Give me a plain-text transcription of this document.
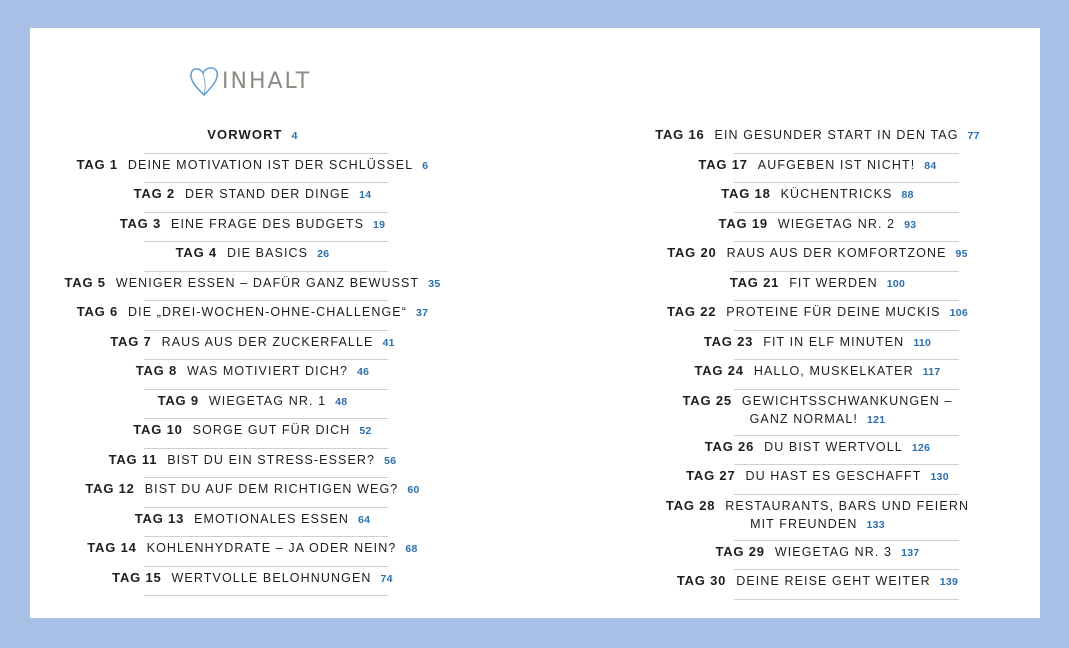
INHALT
VORWORT 4
TAG 1 DEINE MOTIVATION IST DER SCHLÜSSEL 6
TAG 2 DER STAND DER DINGE 14
TAG 3 EINE FRAGE DES BUDGETS 19
TAG 4 DIE BASICS 26
TAG 5 WENIGER ESSEN – DAFÜR GANZ BEWUSST 35
TAG 6 DIE „DREI-WOCHEN-OHNE-CHALLENGE“ 37
TAG 7 RAUS AUS DER ZUCKERFALLE 41
TAG 8 WAS MOTIVIERT DICH? 46
TAG 9 WIEGETAG NR. 1 48
TAG 10 SORGE GUT FÜR DICH 52
TAG 11 BIST DU EIN STRESS-ESSER? 56
TAG 12 BIST DU AUF DEM RICHTIGEN WEG? 60
TAG 13 EMOTIONALES ESSEN 64
TAG 14 KOHLENHYDRATE – JA ODER NEIN? 68
TAG 15 WERTVOLLE BELOHNUNGEN 74
TAG 16 EIN GESUNDER START IN DEN TAG 77
TAG 17 AUFGEBEN IST NICHT! 84
TAG 18 KÜCHENTRICKS 88
TAG 19 WIEGETAG NR. 2 93
TAG 20 RAUS AUS DER KOMFORTZONE 95
TAG 21 FIT WERDEN 100
TAG 22 PROTEINE FÜR DEINE MUCKIS 106
TAG 23 FIT IN ELF MINUTEN 110
TAG 24 HALLO, MUSKELKATER 117
TAG 25 GEWICHTSSCHWANKUNGEN –
GANZ NORMAL! 121
TAG 26 DU BIST WERTVOLL 126
TAG 27 DU HAST ES GESCHAFFT 130
TAG 28 RESTAURANTS, BARS UND FEIERN
MIT FREUNDEN 133
TAG 29 WIEGETAG NR. 3 137
TAG 30 DEINE REISE GEHT WEITER 139
